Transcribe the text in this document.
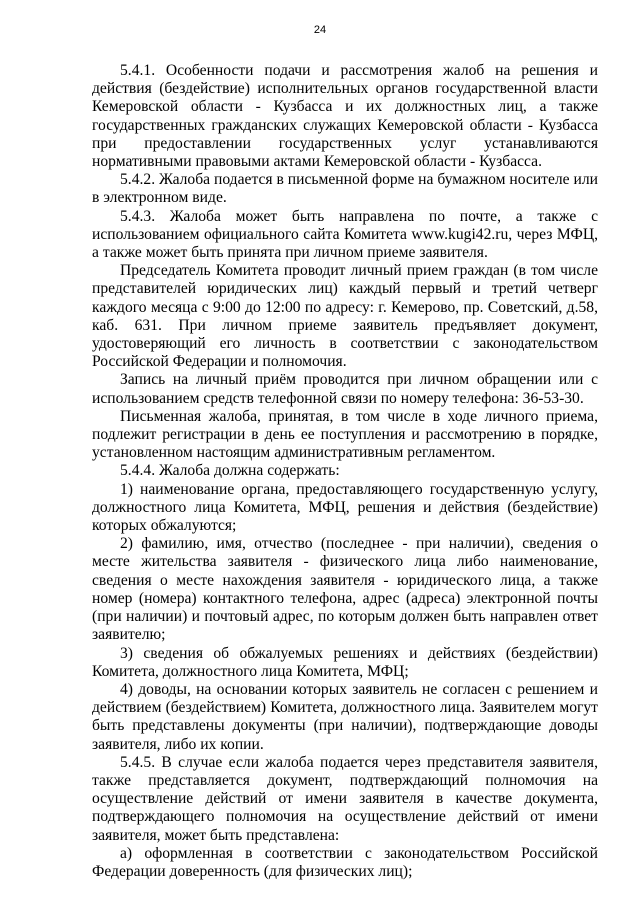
24

5.4.1. Особенности подачи и рассмотрения жалоб на решения и действия (бездействие) исполнительных органов государственной власти Кемеровской области - Кузбасса и их должностных лиц, а также государственных гражданских служащих Кемеровской области - Кузбасса при предоставлении государственных услуг устанавливаются нормативными правовыми актами Кемеровской области - Кузбасса.

5.4.2. Жалоба подается в письменной форме на бумажном носителе или в электронном виде.

5.4.3. Жалоба может быть направлена по почте, а также с использованием официального сайта Комитета www.kugi42.ru, через МФЦ, а также может быть принята при личном приеме заявителя.

Председатель Комитета проводит личный прием граждан (в том числе представителей юридических лиц) каждый первый и третий четверг каждого месяца с 9:00 до 12:00 по адресу: г. Кемерово, пр. Советский, д.58, каб. 631. При личном приеме заявитель предъявляет документ, удостоверяющий его личность в соответствии с законодательством Российской Федерации и полномочия.

Запись на личный приём проводится при личном обращении или с использованием средств телефонной связи по номеру телефона: 36-53-30.

Письменная жалоба, принятая, в том числе в ходе личного приема, подлежит регистрации в день ее поступления и рассмотрению в порядке, установленном настоящим административным регламентом.

5.4.4. Жалоба должна содержать:

1) наименование органа, предоставляющего государственную услугу, должностного лица Комитета, МФЦ, решения и действия (бездействие) которых обжалуются;

2) фамилию, имя, отчество (последнее - при наличии), сведения о месте жительства заявителя - физического лица либо наименование, сведения о месте нахождения заявителя - юридического лица, а также номер (номера) контактного телефона, адрес (адреса) электронной почты (при наличии) и почтовый адрес, по которым должен быть направлен ответ заявителю;

3) сведения об обжалуемых решениях и действиях (бездействии) Комитета, должностного лица Комитета, МФЦ;

4) доводы, на основании которых заявитель не согласен с решением и действием (бездействием) Комитета, должностного лица. Заявителем могут быть представлены документы (при наличии), подтверждающие доводы заявителя, либо их копии.

5.4.5. В случае если жалоба подается через представителя заявителя, также представляется документ, подтверждающий полномочия на осуществление действий от имени заявителя в качестве документа, подтверждающего полномочия на осуществление действий от имени заявителя, может быть представлена:

а) оформленная в соответствии с законодательством Российской Федерации доверенность (для физических лиц);
